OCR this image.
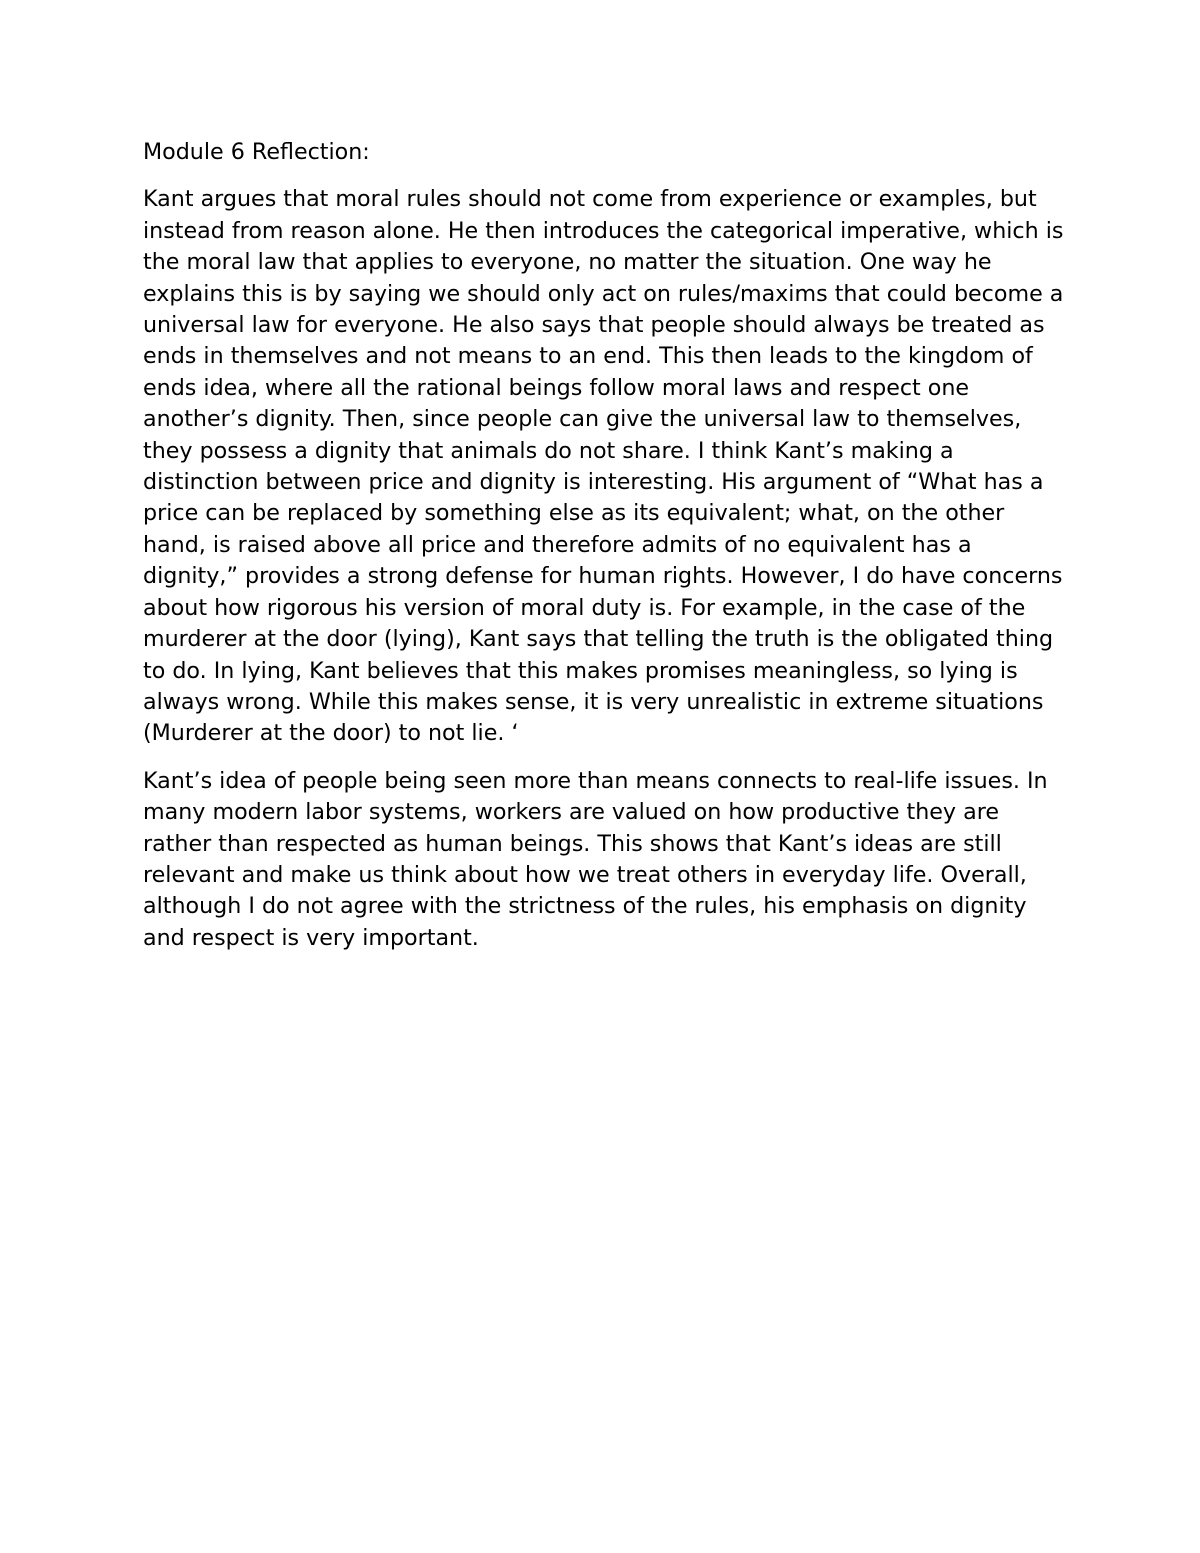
Module 6 Reflection:

Kant argues that moral rules should not come from experience or examples, but instead from reason alone. He then introduces the categorical imperative, which is the moral law that applies to everyone, no matter the situation. One way he explains this is by saying we should only act on rules/maxims that could become a universal law for everyone. He also says that people should always be treated as ends in themselves and not means to an end. This then leads to the kingdom of ends idea, where all the rational beings follow moral laws and respect one another’s dignity. Then, since people can give the universal law to themselves, they possess a dignity that animals do not share. I think Kant’s making a distinction between price and dignity is interesting. His argument of “What has a price can be replaced by something else as its equivalent; what, on the other hand, is raised above all price and therefore admits of no equivalent has a dignity,” provides a strong defense for human rights. However, I do have concerns about how rigorous his version of moral duty is. For example, in the case of the murderer at the door (lying), Kant says that telling the truth is the obligated thing to do. In lying, Kant believes that this makes promises meaningless, so lying is always wrong. While this makes sense, it is very unrealistic in extreme situations (Murderer at the door) to not lie. ‘

Kant’s idea of people being seen more than means connects to real-life issues. In many modern labor systems, workers are valued on how productive they are rather than respected as human beings. This shows that Kant’s ideas are still relevant and make us think about how we treat others in everyday life. Overall, although I do not agree with the strictness of the rules, his emphasis on dignity and respect is very important.
